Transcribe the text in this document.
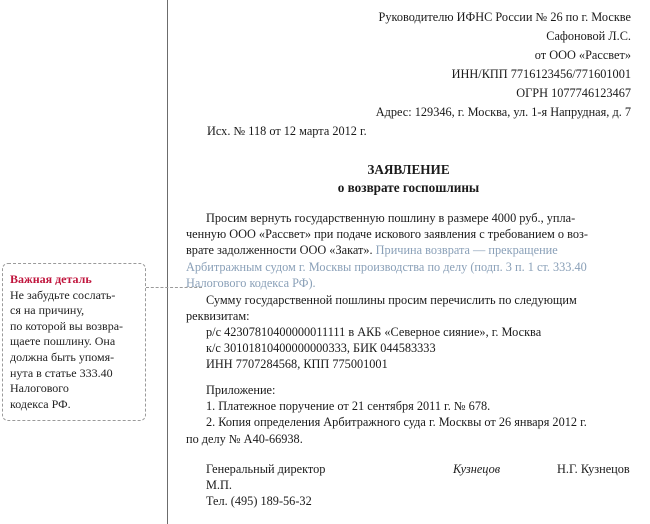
Руководителю ИФНС России № 26 по г. Москве
Сафоновой Л.С.
от ООО «Рассвет»
ИНН/КПП 7716123456/771601001
ОГРН 1077746123467
Адрес: 129346, г. Москва, ул. 1-я Напрудная, д. 7
Исх. № 118 от 12 марта 2012 г.
ЗАЯВЛЕНИЕ
о возврате госпошлины
Просим вернуть государственную пошлину в размере 4000 руб., упла-
ченную ООО «Рассвет» при подаче искового заявления с требованием о воз-
врате задолженности ООО «Закат». Причина возврата — прекращение
Арбитражным судом г. Москвы производства по делу (подп. 3 п. 1 ст. 333.40
Налогового кодекса РФ).
Сумму государственной пошлины просим перечислить по следующим
реквизитам:
р/с 42307810400000011111 в АКБ «Северное сияние», г. Москва
к/с 30101810400000000333, БИК 044583333
ИНН 7707284568, КПП 775001001
Приложение:
1. Платежное поручение от 21 сентября 2011 г. № 678.
2. Копия определения Арбитражного суда г. Москвы от 26 января 2012 г.
по делу № А40-66938.
Генеральный директор	Кузнецов	Н.Г. Кузнецов
М.П.
Тел. (495) 189-56-32
Важная деталь
Не забудьте сослать-
ся на причину,
по которой вы возвра-
щаете пошлину. Она
должна быть упомя-
нута в статье 333.40
Налогового
кодекса РФ.
